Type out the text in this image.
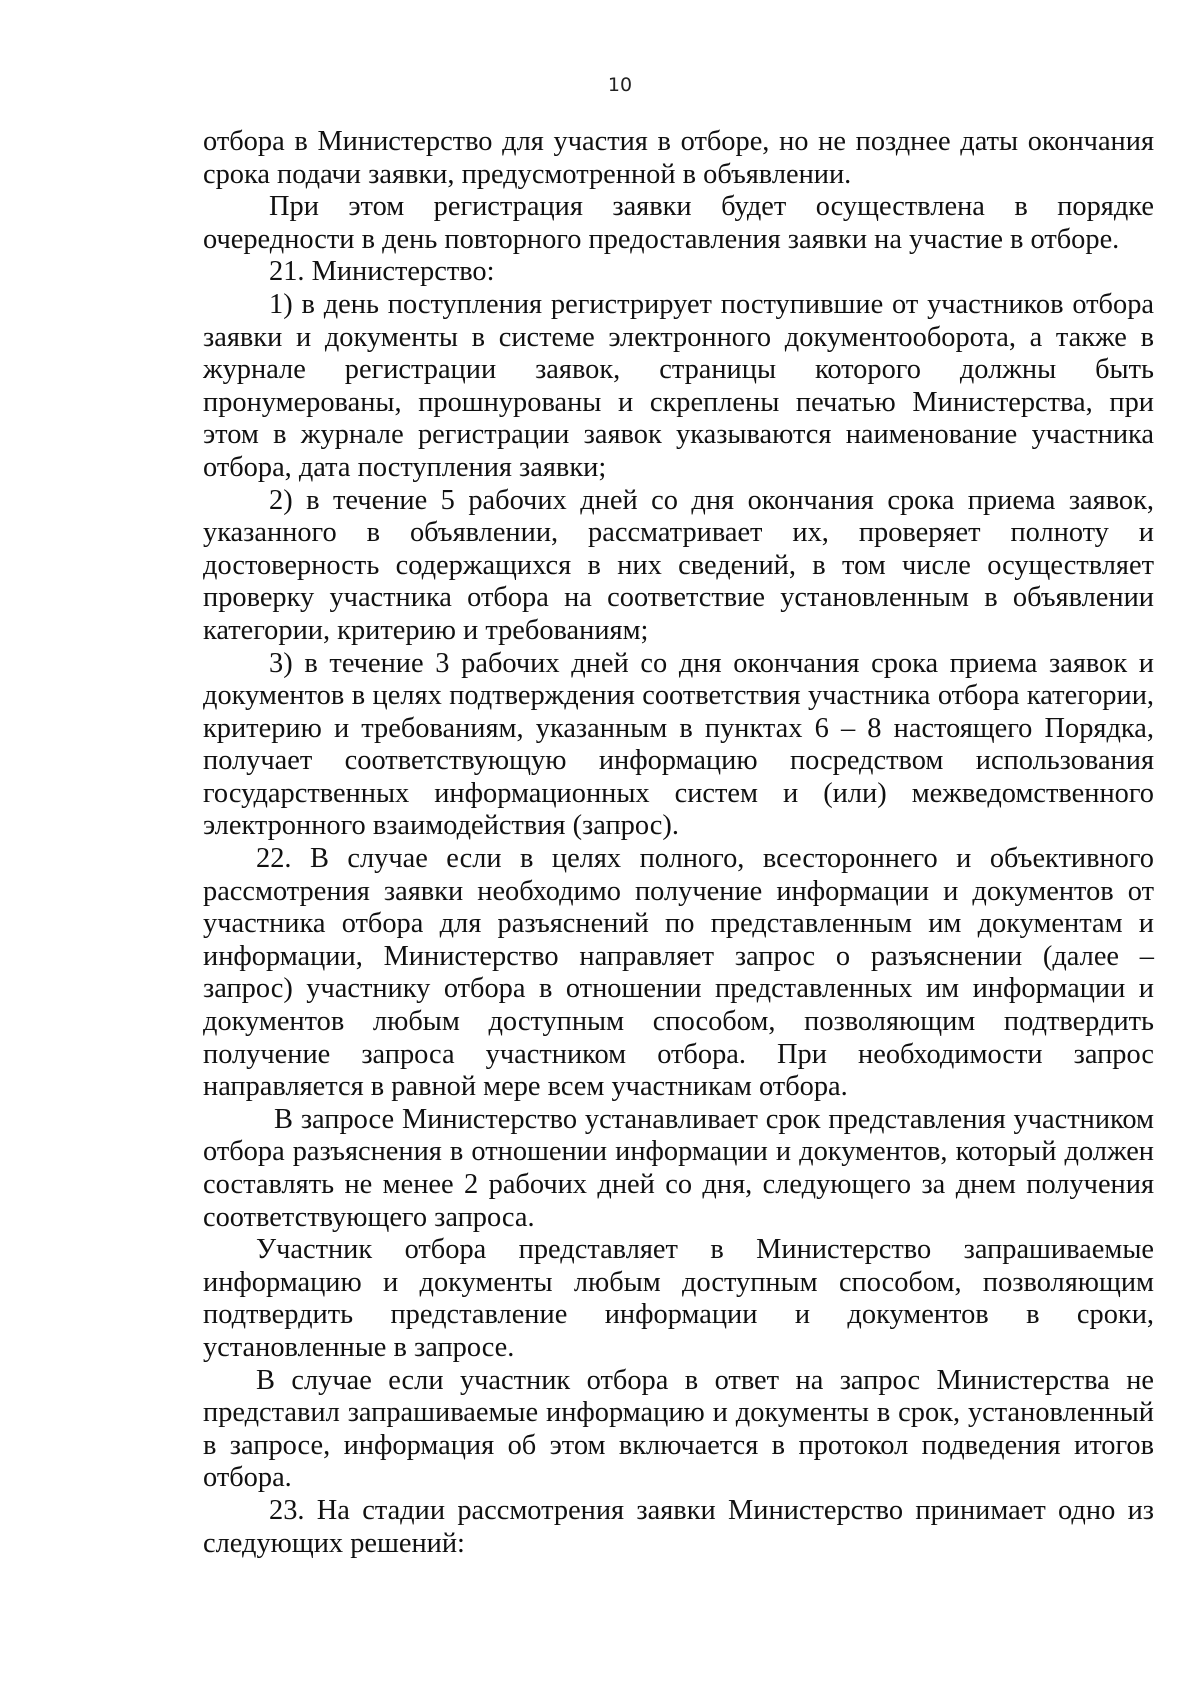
10

отбора в Министерство для участия в отборе, но не позднее даты окончания срока подачи заявки, предусмотренной в объявлении.

При этом регистрация заявки будет осуществлена в порядке очередности в день повторного предоставления заявки на участие в отборе.

21. Министерство:

1) в день поступления регистрирует поступившие от участников отбора заявки и документы в системе электронного документооборота, а также в журнале регистрации заявок, страницы которого должны быть пронумерованы, прошнурованы и скреплены печатью Министерства, при этом в журнале регистрации заявок указываются наименование участника отбора, дата поступления заявки;

2) в течение 5 рабочих дней со дня окончания срока приема заявок, указанного в объявлении, рассматривает их, проверяет полноту и достоверность содержащихся в них сведений, в том числе осуществляет проверку участника отбора на соответствие установленным в объявлении категории, критерию и требованиям;

3) в течение 3 рабочих дней со дня окончания срока приема заявок и документов в целях подтверждения соответствия участника отбора категории, критерию и требованиям, указанным в пунктах 6 – 8 настоящего Порядка, получает соответствующую информацию посредством использования государственных информационных систем и (или) межведомственного электронного взаимодействия (запрос).

22. В случае если в целях полного, всестороннего и объективного рассмотрения заявки необходимо получение информации и документов от участника отбора для разъяснений по представленным им документам и информации, Министерство направляет запрос о разъяснении (далее – запрос) участнику отбора в отношении представленных им информации и документов любым доступным способом, позволяющим подтвердить получение запроса участником отбора. При необходимости запрос направляется в равной мере всем участникам отбора.

В запросе Министерство устанавливает срок представления участником отбора разъяснения в отношении информации и документов, который должен составлять не менее 2 рабочих дней со дня, следующего за днем получения соответствующего запроса.

Участник отбора представляет в Министерство запрашиваемые информацию и документы любым доступным способом, позволяющим подтвердить представление информации и документов в сроки, установленные в запросе.

В случае если участник отбора в ответ на запрос Министерства не представил запрашиваемые информацию и документы в срок, установленный в запросе, информация об этом включается в протокол подведения итогов отбора.

23. На стадии рассмотрения заявки Министерство принимает одно из следующих решений:
